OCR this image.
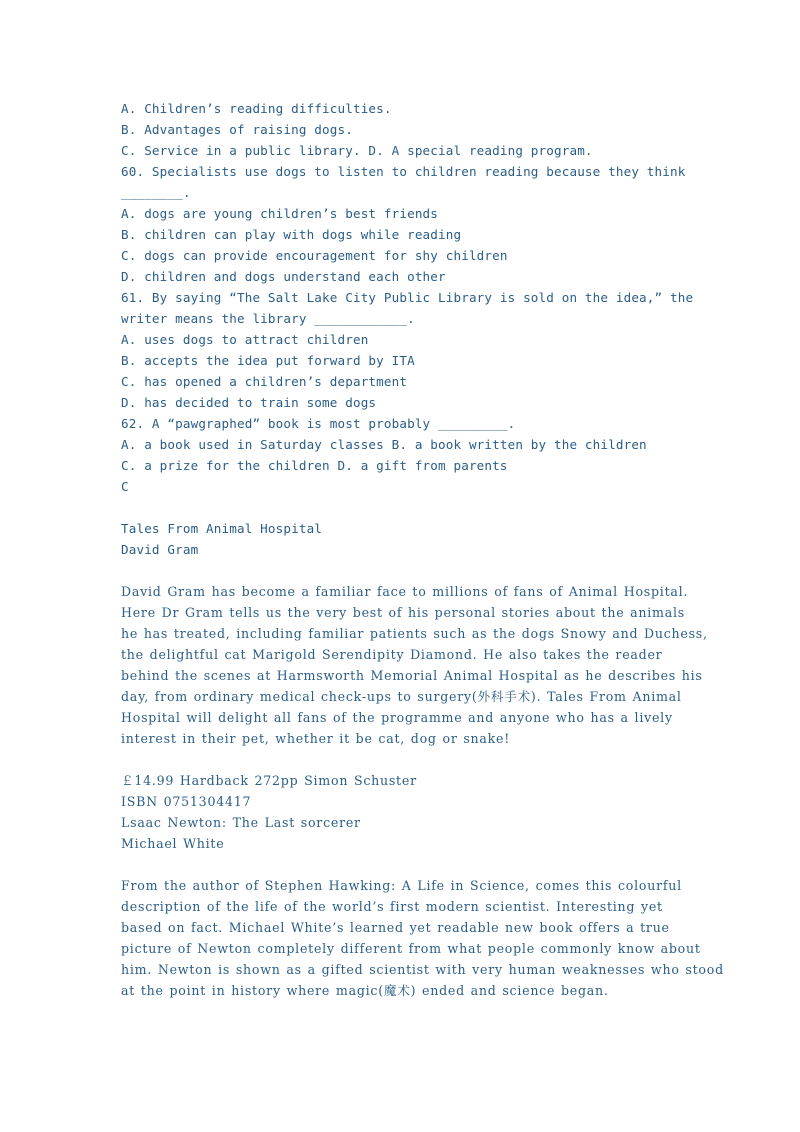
A. Children’s reading difficulties.
B. Advantages of raising dogs.
C. Service in a public library. D. A special reading program.
60. Specialists use dogs to listen to children reading because they think
________.
A. dogs are young children’s best friends
B. children can play with dogs while reading
C. dogs can provide encouragement for shy children
D. children and dogs understand each other
61. By saying “The Salt Lake City Public Library is sold on the idea,” the
writer means the library ____________.
A. uses dogs to attract children
B. accepts the idea put forward by ITA
C. has opened a children’s department
D. has decided to train some dogs
62. A “pawgraphed” book is most probably _________.
A. a book used in Saturday classes B. a book written by the children
C. a prize for the children D. a gift from parents
C
Tales From Animal Hospital
David Gram
David Gram has become a familiar face to millions of fans of Animal Hospital.
Here Dr Gram tells us the very best of his personal stories about the animals
he has treated, including familiar patients such as the dogs Snowy and Duchess,
the delightful cat Marigold Serendipity Diamond. He also takes the reader
behind the scenes at Harmsworth Memorial Animal Hospital as he describes his
day, from ordinary medical check-ups to surgery(外科手术). Tales From Animal
Hospital will delight all fans of the programme and anyone who has a lively
interest in their pet, whether it be cat, dog or snake!
￡14.99 Hardback 272pp Simon Schuster
ISBN 0751304417
Lsaac Newton: The Last sorcerer
Michael White
From the author of Stephen Hawking: A Life in Science, comes this colourful
description of the life of the world’s first modern scientist. Interesting yet
based on fact. Michael White’s learned yet readable new book offers a true
picture of Newton completely different from what people commonly know about
him. Newton is shown as a gifted scientist with very human weaknesses who stood
at the point in history where magic(魔术) ended and science began.
